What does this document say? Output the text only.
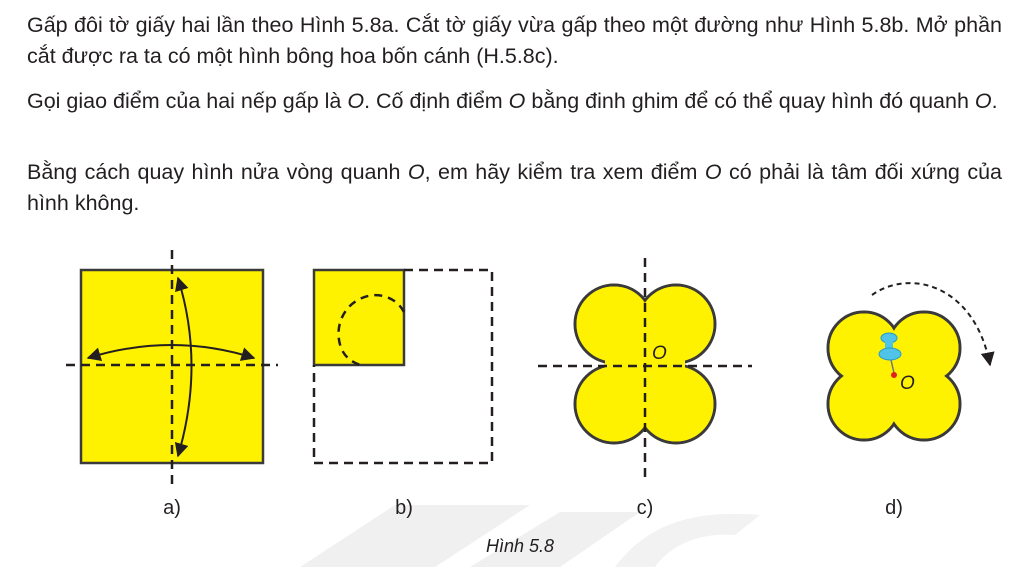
Gấp đôi tờ giấy hai lần theo Hình 5.8a. Cắt tờ giấy vừa gấp theo một đường như Hình 5.8b. Mở phần cắt được ra ta có một hình bông hoa bốn cánh (H.5.8c).

Gọi giao điểm của hai nếp gấp là O. Cố định điểm O bằng đinh ghim để có thể quay hình đó quanh O.

Bằng cách quay hình nửa vòng quanh O, em hãy kiểm tra xem điểm O có phải là tâm đối xứng của hình không.

O
O
a)	b)	c)	d)
Hình 5.8
